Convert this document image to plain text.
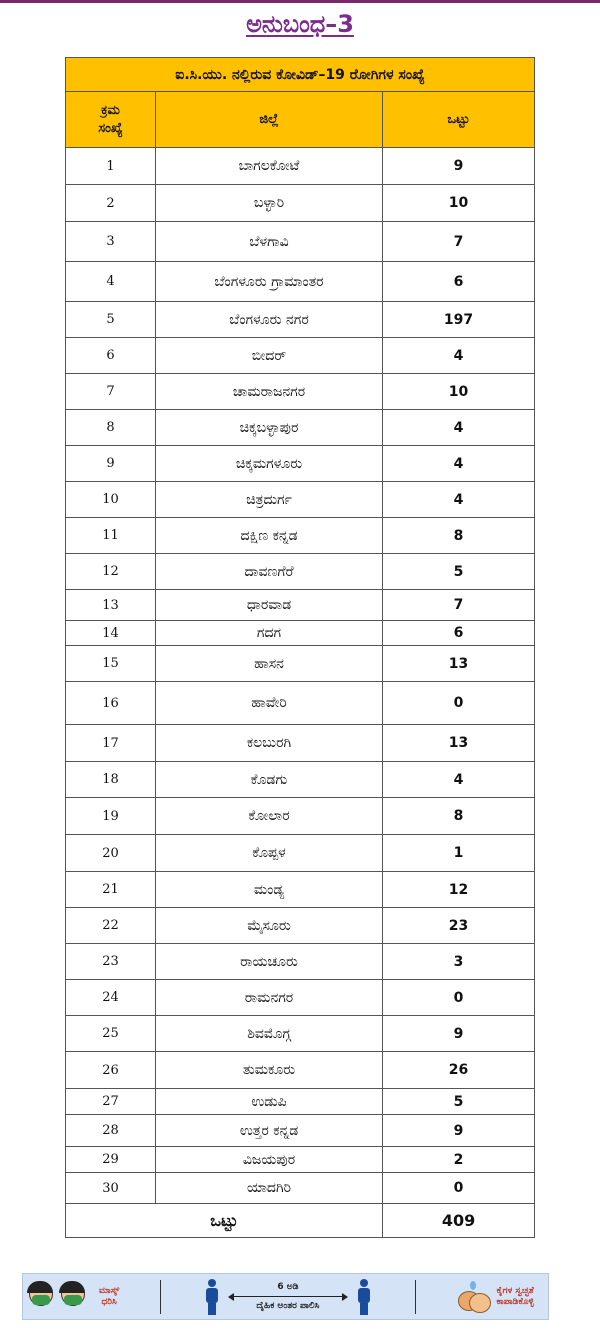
ಅನುಬಂಧ–3
ಐ.ಸಿ.ಯು. ನಲ್ಲಿರುವ ಕೋವಿಡ್–19 ರೋಗಿಗಳ ಸಂಖ್ಯೆ		

ಕ್ರಮ
ಸಂಖ್ಯೆ	ಜಿಲ್ಲೆ	ಒಟ್ಟು
1	ಬಾಗಲಕೋಟೆ	9
2	ಬಳ್ಳಾರಿ	10
3	ಬೆಳಗಾವಿ	7
4	ಬೆಂಗಳೂರು ಗ್ರಾಮಾಂತರ	6
5	ಬೆಂಗಳೂರು ನಗರ	197
6	ಬೀದರ್	4
7	ಚಾಮರಾಜನಗರ	10
8	ಚಿಕ್ಕಬಳ್ಳಾಪುರ	4
9	ಚಿಕ್ಕಮಗಳೂರು	4
10	ಚಿತ್ರದುರ್ಗ	4
11	ದಕ್ಷಿಣ ಕನ್ನಡ	8
12	ದಾವಣಗೆರೆ	5
13	ಧಾರವಾಡ	7
14	ಗದಗ	6
15	ಹಾಸನ	13
16	ಹಾವೇರಿ	0
17	ಕಲಬುರಗಿ	13
18	ಕೊಡಗು	4
19	ಕೋಲಾರ	8
20	ಕೊಪ್ಪಳ	1
21	ಮಂಡ್ಯ	12
22	ಮೈಸೂರು	23
23	ರಾಯಚೂರು	3
24	ರಾಮನಗರ	0
25	ಶಿವಮೊಗ್ಗ	9
26	ತುಮಕೂರು	26
27	ಉಡುಪಿ	5
28	ಉತ್ತರ ಕನ್ನಡ	9
29	ವಿಜಯಪುರ	2
30	ಯಾದಗಿರಿ	0
ಒಟ್ಟು		409
ಮಾಸ್ಕ್
ಧರಿಸಿ
6 ಅಡಿ
ದೈಹಿಕ ಅಂತರ ಪಾಲಿಸಿ
ಕೈಗಳ ಸ್ವಚ್ಛತೆ
ಕಾಪಾಡಿಕೊಳ್ಳಿ
